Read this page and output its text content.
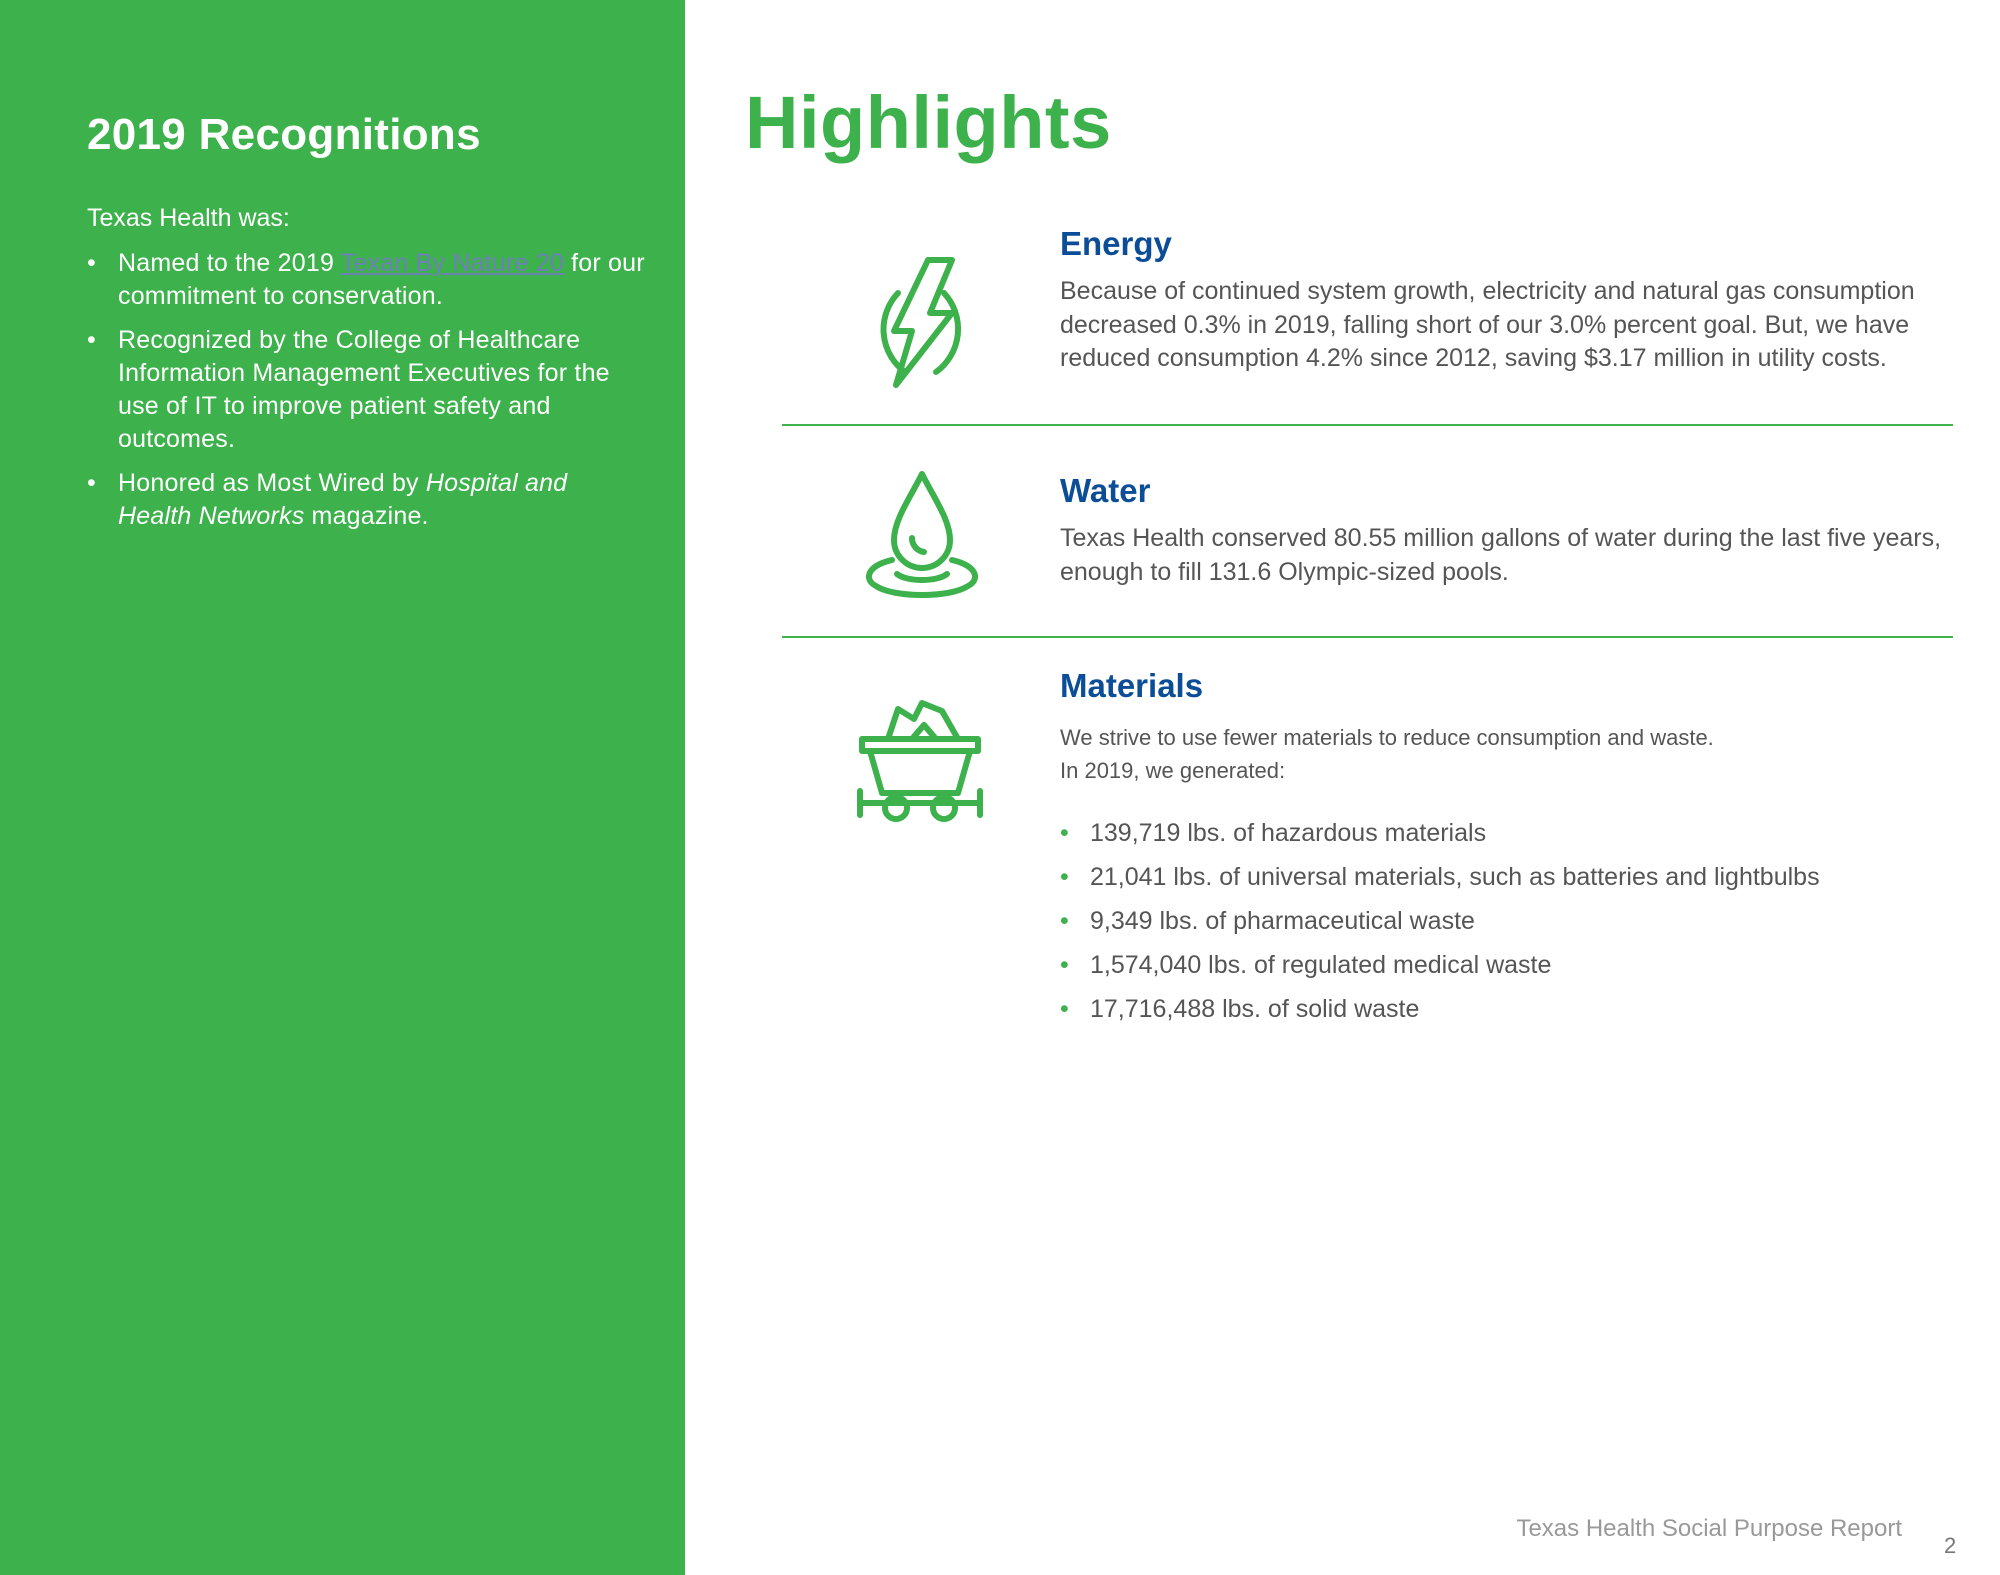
2019 Recognitions
Texas Health was:
• Named to the 2019 Texan By Nature 20 for our commitment to conservation.
• Recognized by the College of Healthcare Information Management Executives for the use of IT to improve patient safety and outcomes.
• Honored as Most Wired by Hospital and Health Networks magazine.
Highlights
Energy

Because of continued system growth, electricity and natural gas consumption decreased 0.3% in 2019, falling short of our 3.0% percent goal. But, we have reduced consumption 4.2% since 2012, saving $3.17 million in utility costs.

Water

Texas Health conserved 80.55 million gallons of water during the last five years, enough to fill 131.6 Olympic-sized pools.

Materials

We strive to use fewer materials to reduce consumption and waste.
In 2019, we generated:

• 139,719 lbs. of hazardous materials
• 21,041 lbs. of universal materials, such as batteries and lightbulbs
• 9,349 lbs. of pharmaceutical waste
• 1,574,040 lbs. of regulated medical waste
• 17,716,488 lbs. of solid waste
Texas Health Social Purpose Report
2
